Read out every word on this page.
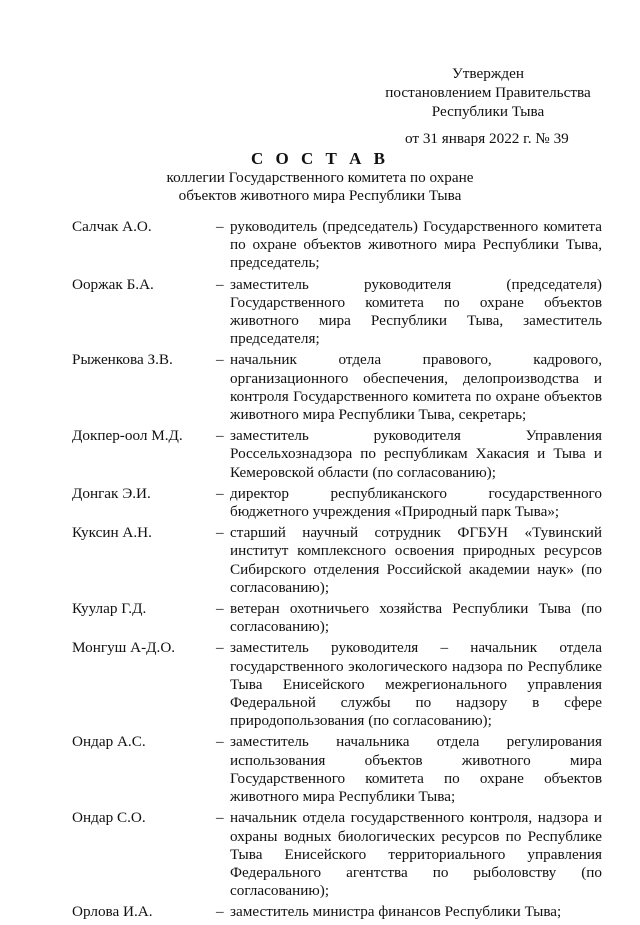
Утвержден
постановлением Правительства
Республики Тыва
от 31 января 2022 г. № 39
С О С Т А В
коллегии Государственного комитета по охране
объектов животного мира Республики Тыва
Салчак А.О.	– руководитель (председатель) Государственного комитета по охране объектов животного мира Республики Тыва, председатель;
Ооржак Б.А.	– заместитель руководителя (председателя) Государственного комитета по охране объектов животного мира Республики Тыва, заместитель председателя;
Рыженкова З.В.	– начальник отдела правового, кадрового, организационного обеспечения, делопроизводства и контроля Государственного комитета по охране объектов животного мира Республики Тыва, секретарь;
Докпер-оол М.Д.	– заместитель руководителя Управления Россельхознадзора по республикам Хакасия и Тыва и Кемеровской области (по согласованию);
Донгак Э.И.	– директор республиканского государственного бюджетного учреждения «Природный парк Тыва»;
Куксин А.Н.	– старший научный сотрудник ФГБУН «Тувинский институт комплексного освоения природных ресурсов Сибирского отделения Российской академии наук» (по согласованию);
Куулар Г.Д.	– ветеран охотничьего хозяйства Республики Тыва (по согласованию);
Монгуш А-Д.О.	– заместитель руководителя – начальник отдела государственного экологического надзора по Республике Тыва Енисейского межрегионального управления Федеральной службы по надзору в сфере природопользования (по согласованию);
Ондар А.С.	– заместитель начальника отдела регулирования использования объектов животного мира Государственного комитета по охране объектов животного мира Республики Тыва;
Ондар С.О.	– начальник отдела государственного контроля, надзора и охраны водных биологических ресурсов по Республике Тыва Енисейского территориального управления Федерального агентства по рыболовству (по согласованию);
Орлова И.А.	– заместитель министра финансов Республики Тыва;
